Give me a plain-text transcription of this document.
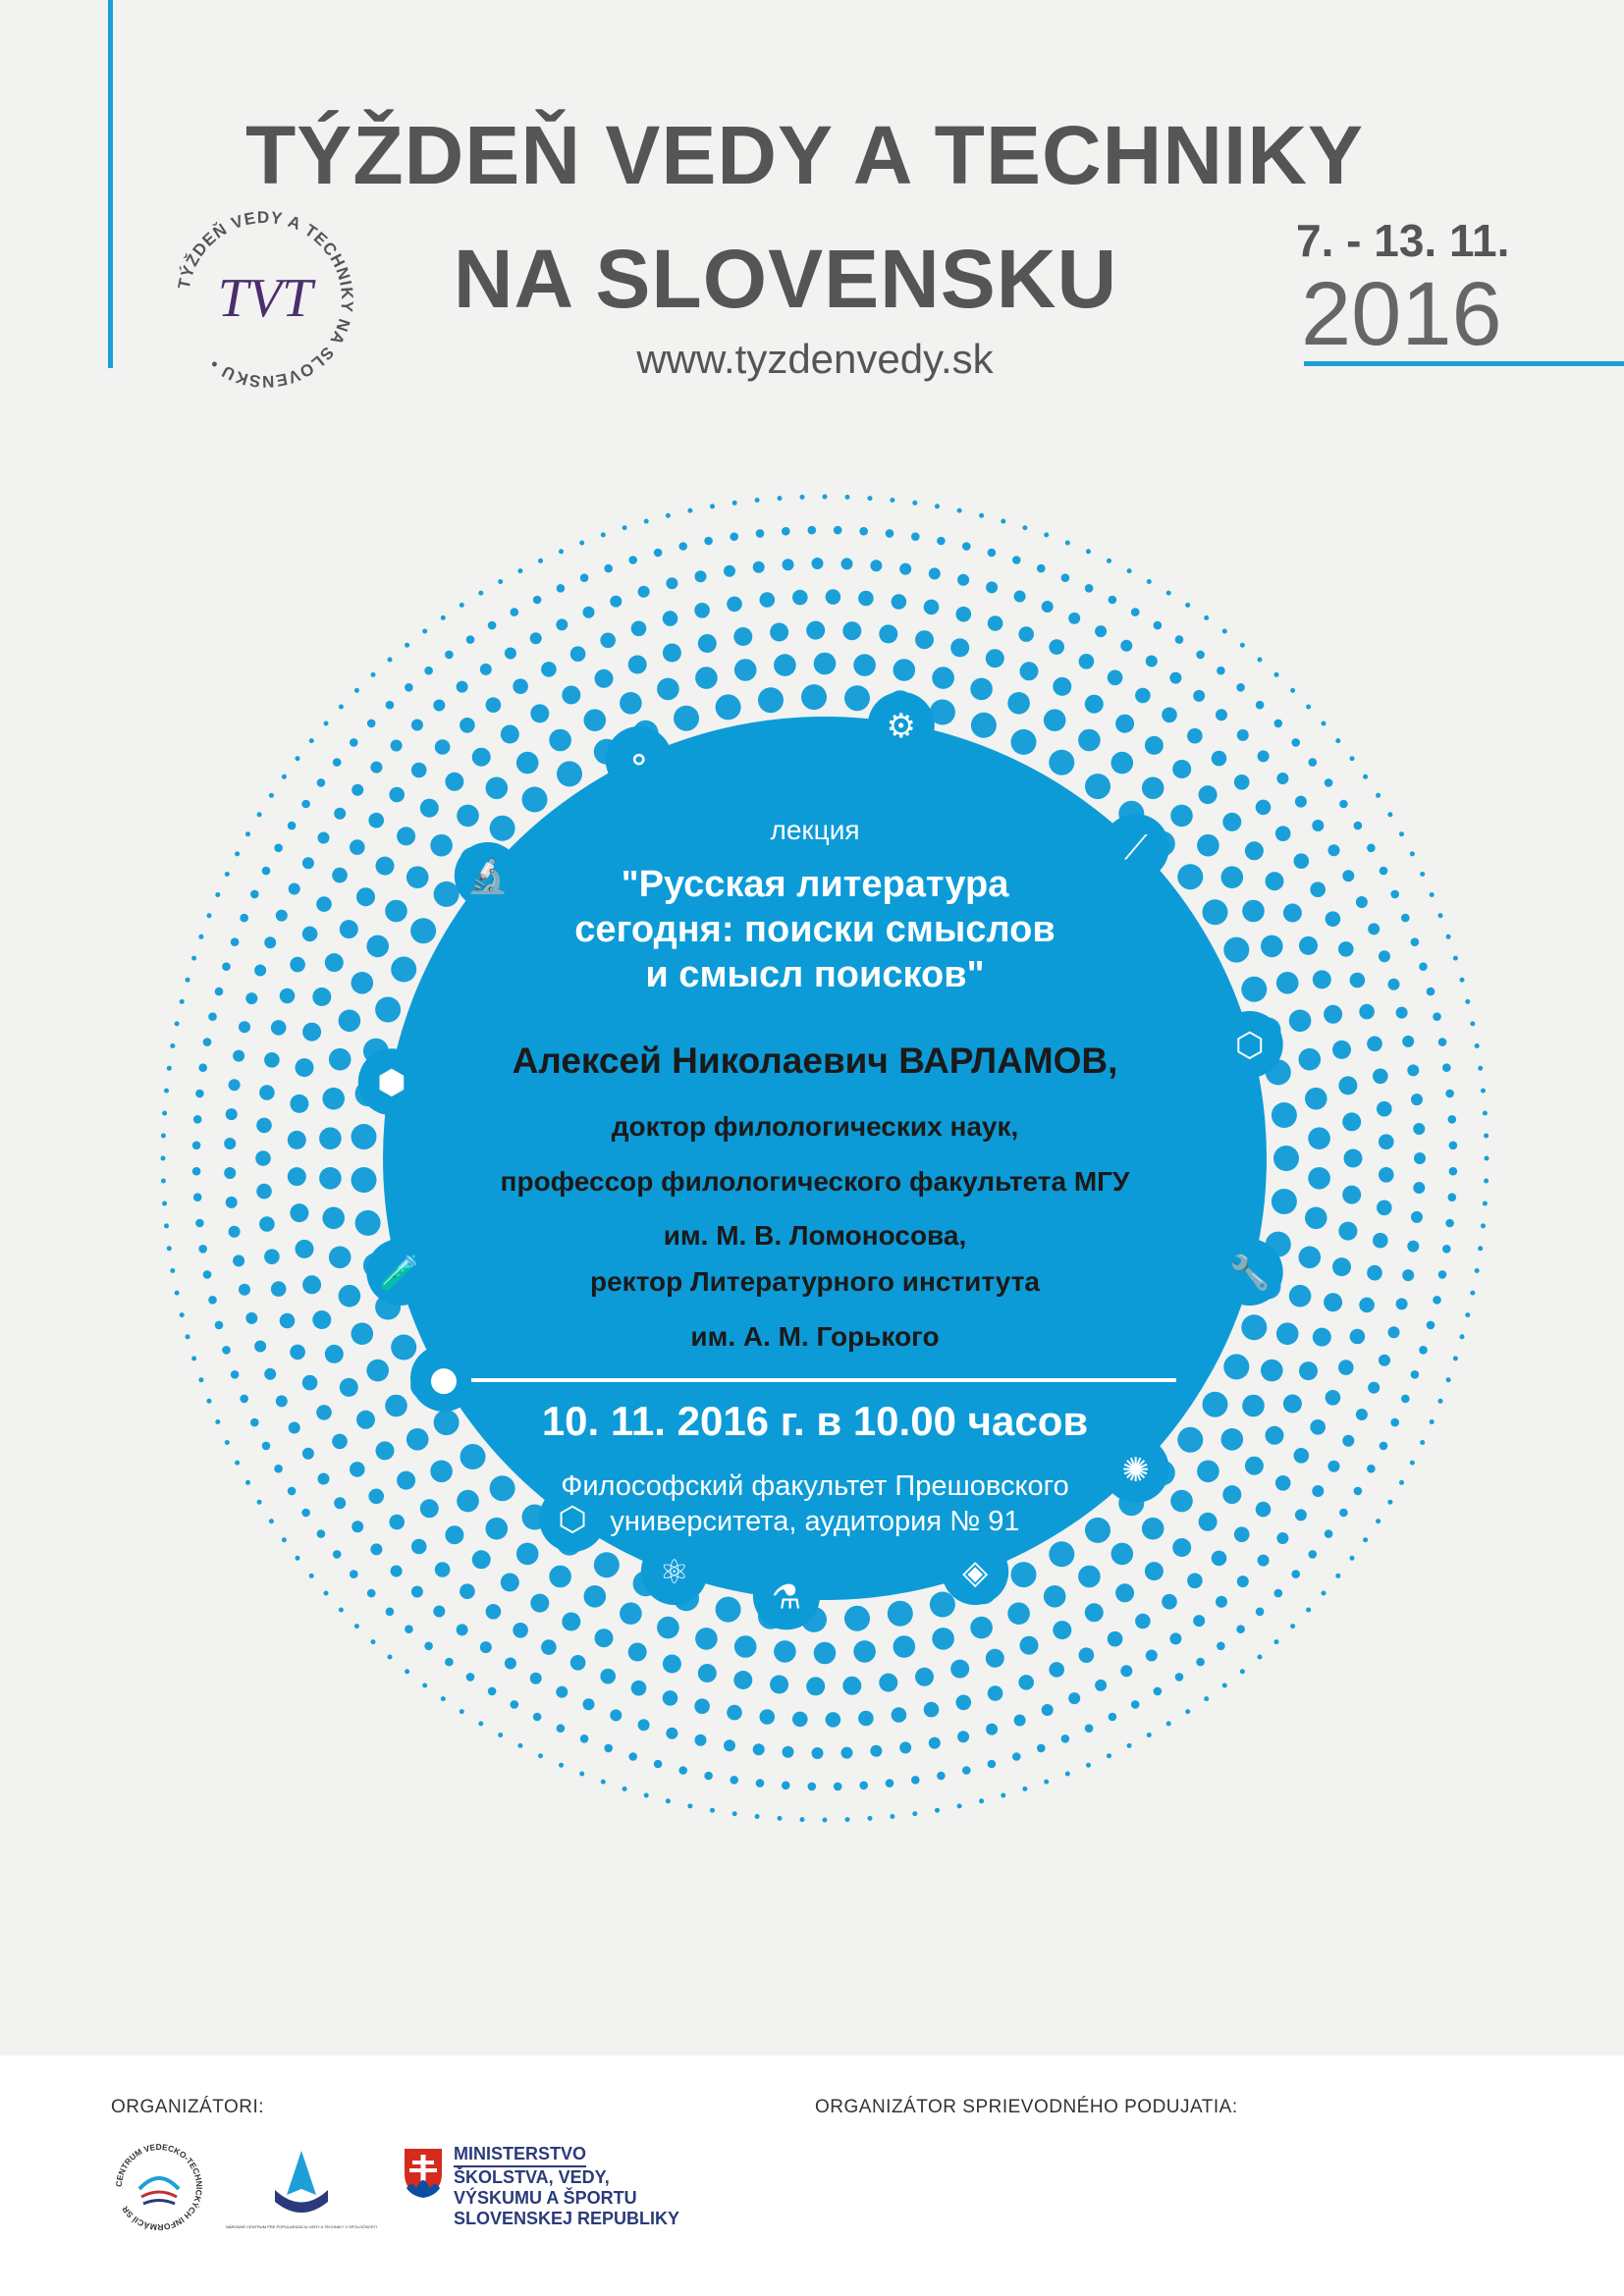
TÝŽDEŇ VEDY A TECHNIKY NA SLOVENSKU •
TVT
TÝŽDEŇ VEDY A TECHNIKY
NA SLOVENSKU
www.tyzdenvedy.sk
7. - 13. 11.
2016
⚬
⚙
🔬
⟋
⬡
⬢
🔧
🧪
✺
●
◈
⬡
⚗
⚛
лекция
"Русская литература
сегодня: поиски смыслов
и смысл поисков"
Алексей Николаевич ВАРЛАМОВ,
доктор филологических наук,
профессор филологического факультета МГУ
им. М. В. Ломоносова,
ректор Литературного института
им. А. М. Горького
10. 11. 2016 г. в 10.00 часов
Философский факультет Прешовского
университета, аудитория № 91
ORGANIZÁTORI:	ORGANIZÁTOR SPRIEVODNÉHO PODUJATIA:
CENTRUM VEDECKO-TECHNICKÝCH INFORMÁCIÍ SR
NÁRODNÉ CENTRUM PRE POPULARIZÁCIU VEDY A TECHNIKY V SPOLOČNOSTI
MINISTERSTVO
ŠKOLSTVA, VEDY,
VÝSKUMU A ŠPORTU
SLOVENSKEJ REPUBLIKY
